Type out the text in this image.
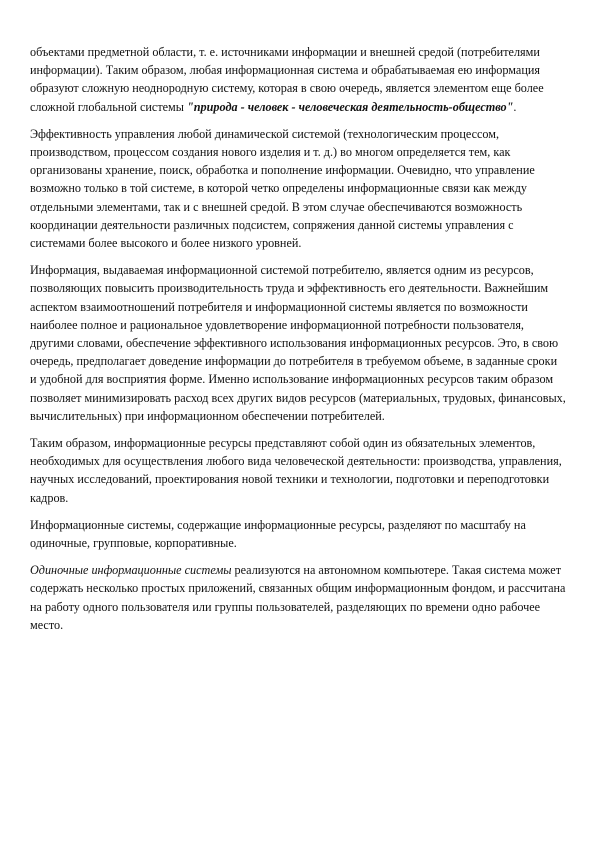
объектами предметной области, т. е. источниками информации и внешней средой (потребителями информации). Таким образом, любая информационная система и обрабатываемая ею информация образуют сложную неоднородную систему, которая в свою очередь, является элементом еще более сложной глобальной системы "природа - человек - человеческая деятельность-общество".

Эффективность управления любой динамической системой (технологическим процессом, производством, процессом создания нового изделия и т. д.) во многом определяется тем, как организованы хранение, поиск, обработка и пополнение информации. Очевидно, что управление возможно только в той системе, в которой четко определены информационные связи как между отдельными элементами, так и с внешней средой. В этом случае обеспечиваются возможность координации деятельности различных подсистем, сопряжения данной системы управления с системами более высокого и более низкого уровней.

Информация, выдаваемая информационной системой потребителю, является одним из ресурсов, позволяющих повысить производительность труда и эффективность его деятельности. Важнейшим аспектом взаимоотношений потребителя и информационной системы является по возможности наиболее полное и рациональное удовлетворение информационной потребности пользователя, другими словами, обеспечение эффективного использования информационных ресурсов. Это, в свою очередь, предполагает доведение информации до потребителя в требуемом объеме, в заданные сроки и удобной для восприятия форме. Именно использование информационных ресурсов таким образом позволяет минимизировать расход всех других видов ресурсов (материальных, трудовых, финансовых, вычислительных) при информационном обеспечении потребителей.

Таким образом, информационные ресурсы представляют собой один из обязательных элементов, необходимых для осуществления любого вида человеческой деятельности: производства, управления, научных исследований, проектирования новой техники и технологии, подготовки и переподготовки кадров.

Информационные системы, содержащие информационные ресурсы, разделяют по масштабу на одиночные, групповые, корпоративные.

Одиночные информационные системы реализуются на автономном компьютере. Такая система может содержать несколько простых приложений, связанных общим информационным фондом, и рассчитана на работу одного пользователя или группы пользователей, разделяющих по времени одно рабочее место.
